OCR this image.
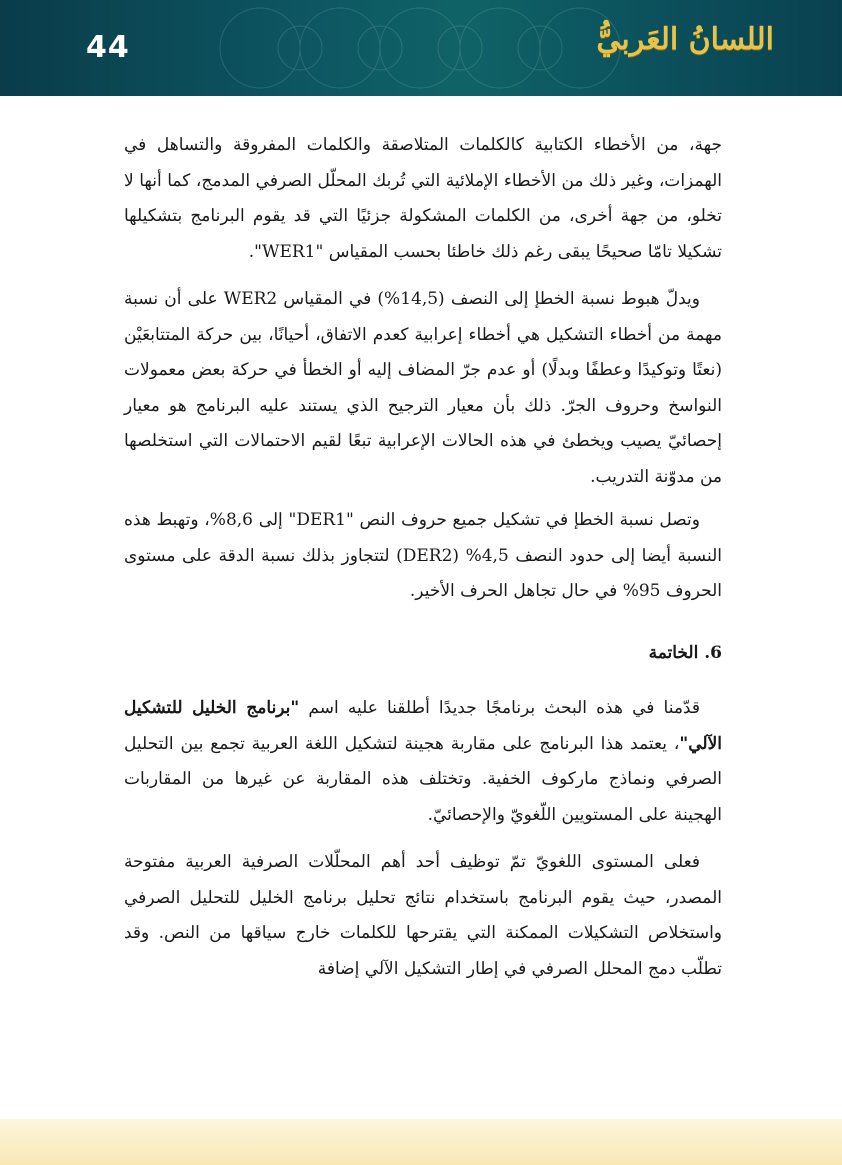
44	اللسانُ العَربيُّ

جهة، من الأخطاء الكتابية كالكلمات المتلاصقة والكلمات المفروقة والتساهل في الهمزات، وغير ذلك من الأخطاء الإملائية التي تُربك المحلّل الصرفي المدمج، كما أنها لا تخلو، من جهة أخرى، من الكلمات المشكولة جزئيًا التي قد يقوم البرنامج بتشكيلها تشكيلا تامّا صحيحًا يبقى رغم ذلك خاطئا بحسب المقياس "WER1".

ويدلّ هبوط نسبة الخطإ إلى النصف (14,5%) في المقياس WER2 على أن نسبة مهمة من أخطاء التشكيل هي أخطاء إعرابية كعدم الاتفاق، أحيانًا، بين حركة المتتابعَيْن (نعتًا وتوكيدًا وعطفًا وبدلًا) أو عدم جرّ المضاف إليه أو الخطأ في حركة بعض معمولات النواسخ وحروف الجرّ. ذلك بأن معيار الترجيح الذي يستند عليه البرنامج هو معيار إحصائيّ يصيب ويخطئ في هذه الحالات الإعرابية تبعًا لقيم الاحتمالات التي استخلصها من مدوّنة التدريب.

وتصل نسبة الخطإ في تشكيل جميع حروف النص "DER1" إلى 8,6%، وتهبط هذه النسبة أيضا إلى حدود النصف 4,5% (DER2) لتتجاوز بذلك نسبة الدقة على مستوى الحروف 95% في حال تجاهل الحرف الأخير.

6. الخاتمة

قدّمنا في هذه البحث برنامجًا جديدًا أطلقنا عليه اسم "برنامج الخليل للتشكيل الآلي"، يعتمد هذا البرنامج على مقاربة هجينة لتشكيل اللغة العربية تجمع بين التحليل الصرفي ونماذج ماركوف الخفية. وتختلف هذه المقاربة عن غيرها من المقاربات الهجينة على المستويين اللّغويّ والإحصائيّ.

فعلى المستوى اللغويّ تمّ توظيف أحد أهم المحلّلات الصرفية العربية مفتوحة المصدر، حيث يقوم البرنامج باستخدام نتائج تحليل برنامج الخليل للتحليل الصرفي واستخلاص التشكيلات الممكنة التي يقترحها للكلمات خارج سياقها من النص. وقد تطلّب دمج المحلل الصرفي في إطار التشكيل الآلي إضافة
